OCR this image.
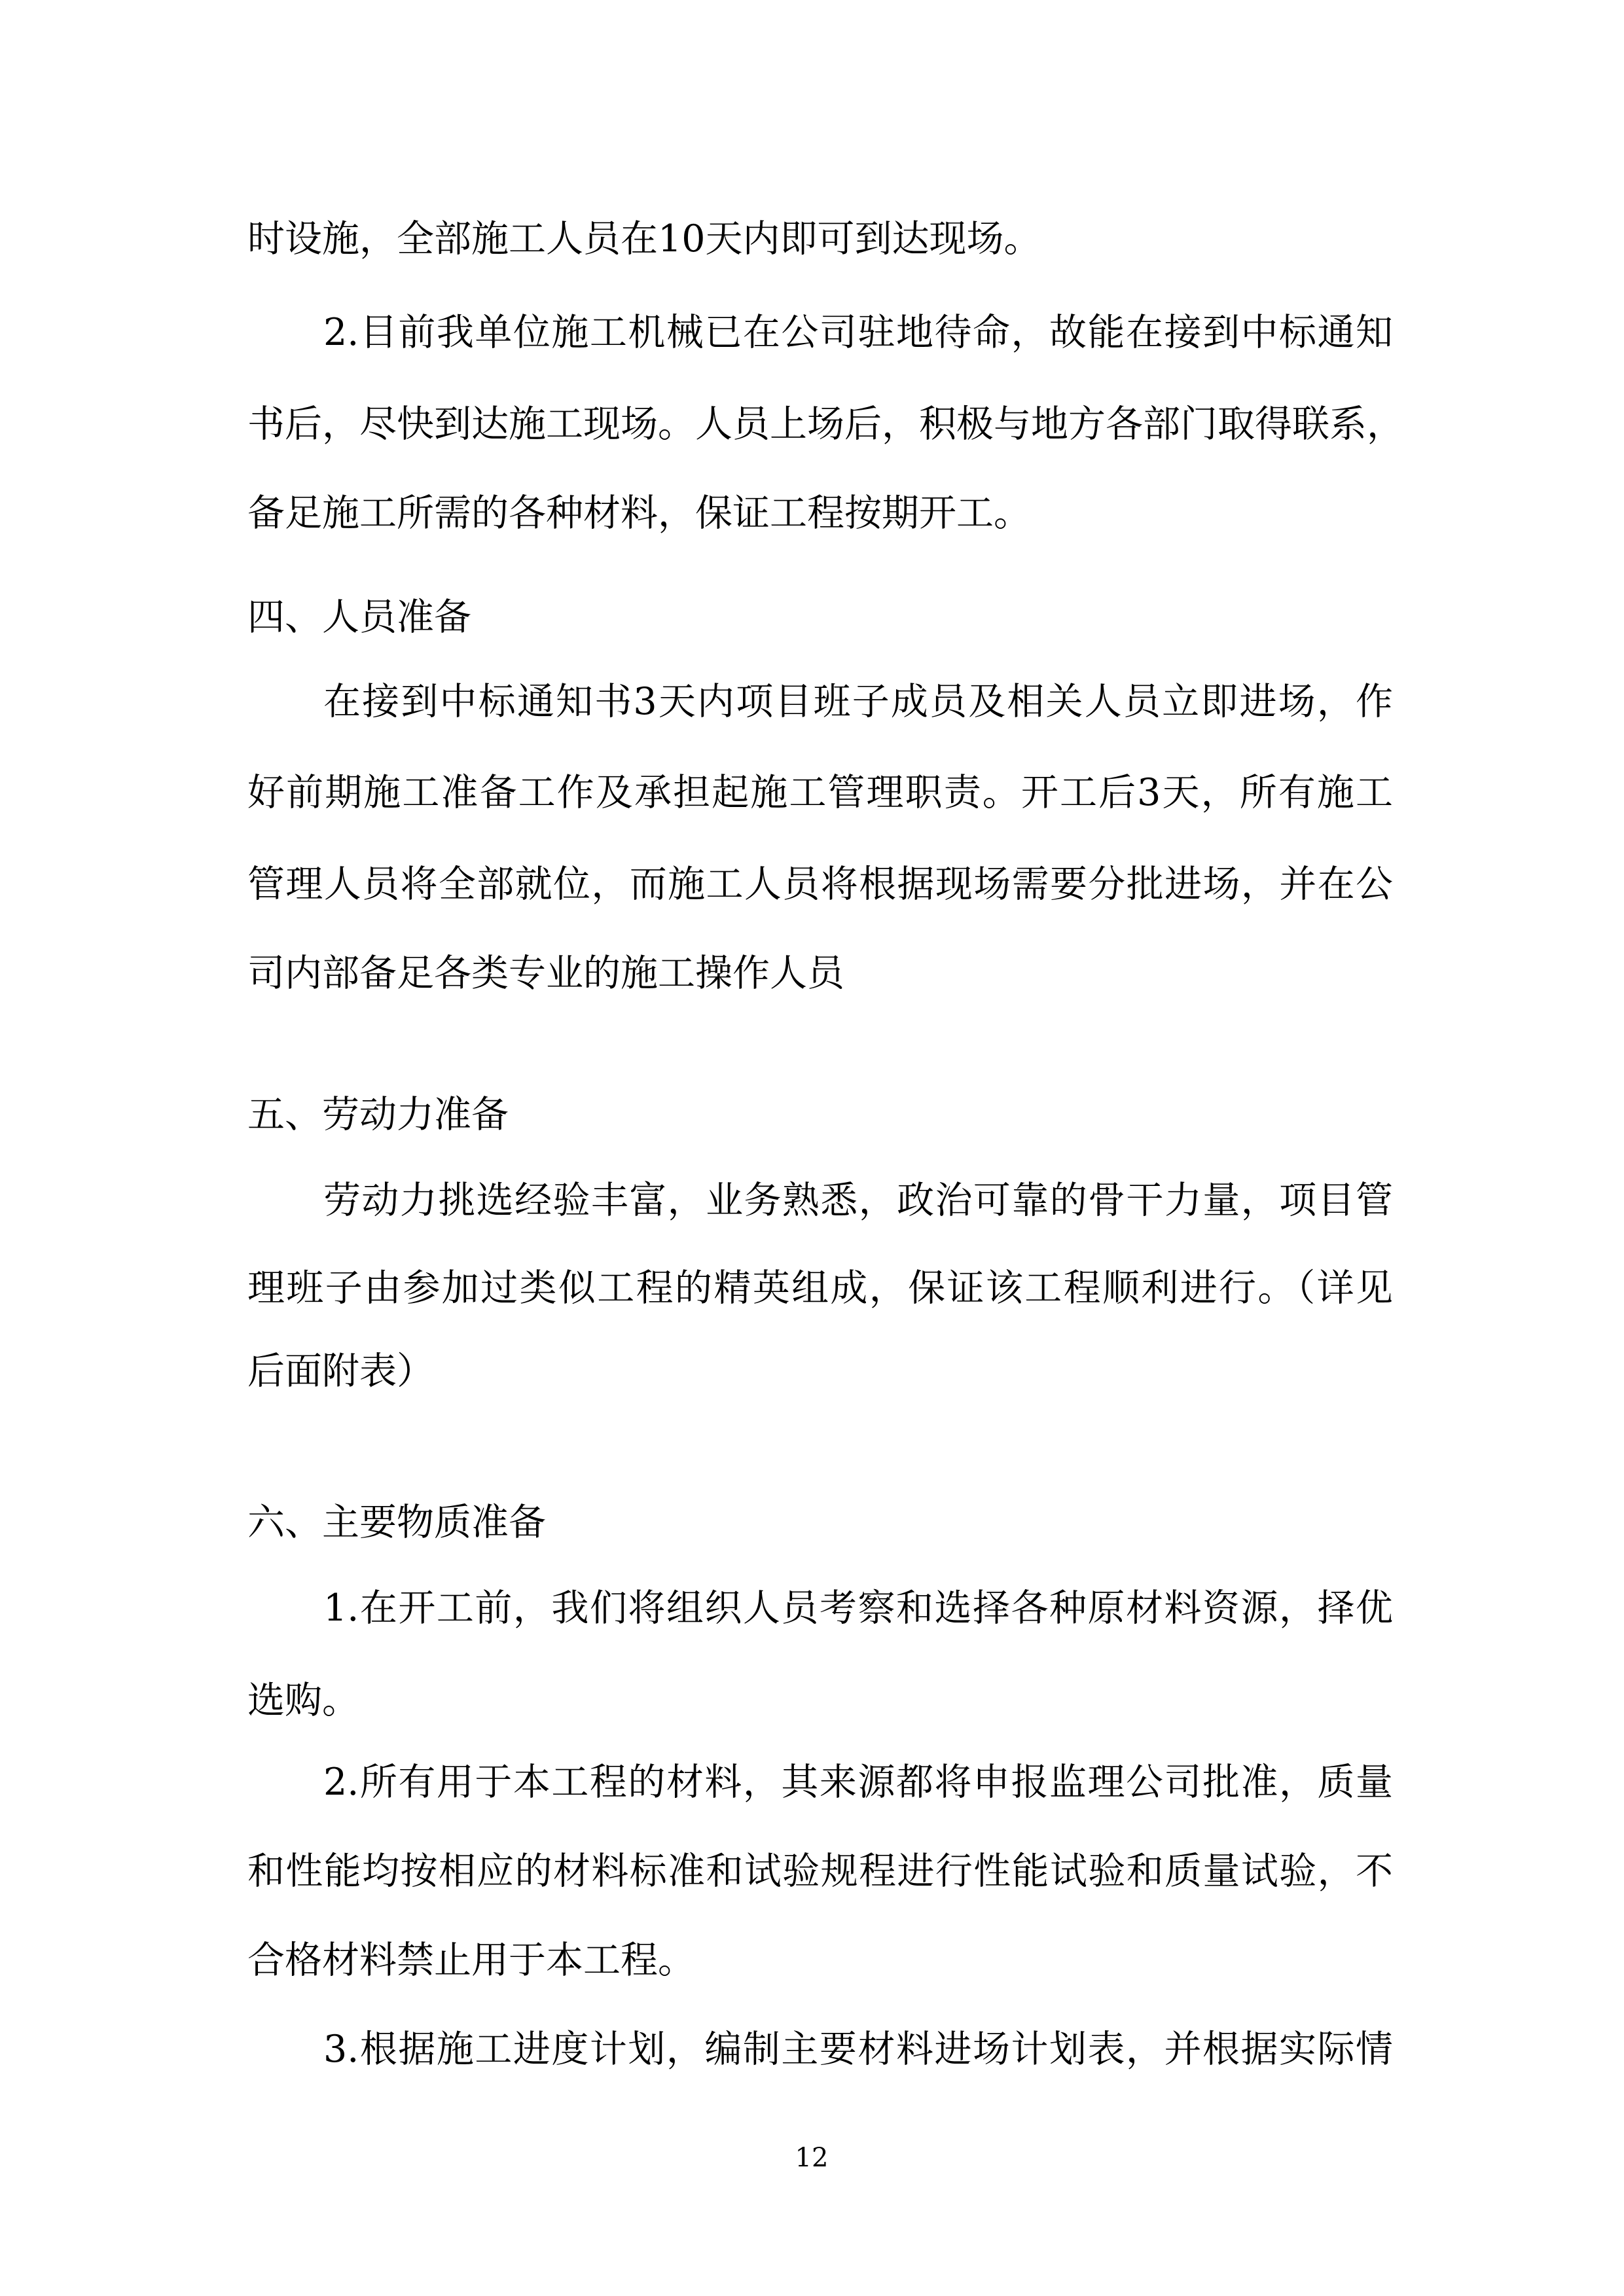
时设施，全部施工人员在10天内即可到达现场。
2.目前我单位施工机械已在公司驻地待命，故能在接到中标通知
书后，尽快到达施工现场。人员上场后，积极与地方各部门取得联系，
备足施工所需的各种材料，保证工程按期开工。
四、人员准备
在接到中标通知书3天内项目班子成员及相关人员立即进场，作
好前期施工准备工作及承担起施工管理职责。开工后3天，所有施工
管理人员将全部就位，而施工人员将根据现场需要分批进场，并在公
司内部备足各类专业的施工操作人员
五、劳动力准备
劳动力挑选经验丰富，业务熟悉，政治可靠的骨干力量，项目管
理班子由参加过类似工程的精英组成，保证该工程顺利进行。（详见
后面附表）
六、主要物质准备
1.在开工前，我们将组织人员考察和选择各种原材料资源，择优
选购。
2.所有用于本工程的材料，其来源都将申报监理公司批准，质量
和性能均按相应的材料标准和试验规程进行性能试验和质量试验，不
合格材料禁止用于本工程。
3.根据施工进度计划，编制主要材料进场计划表，并根据实际情
12
